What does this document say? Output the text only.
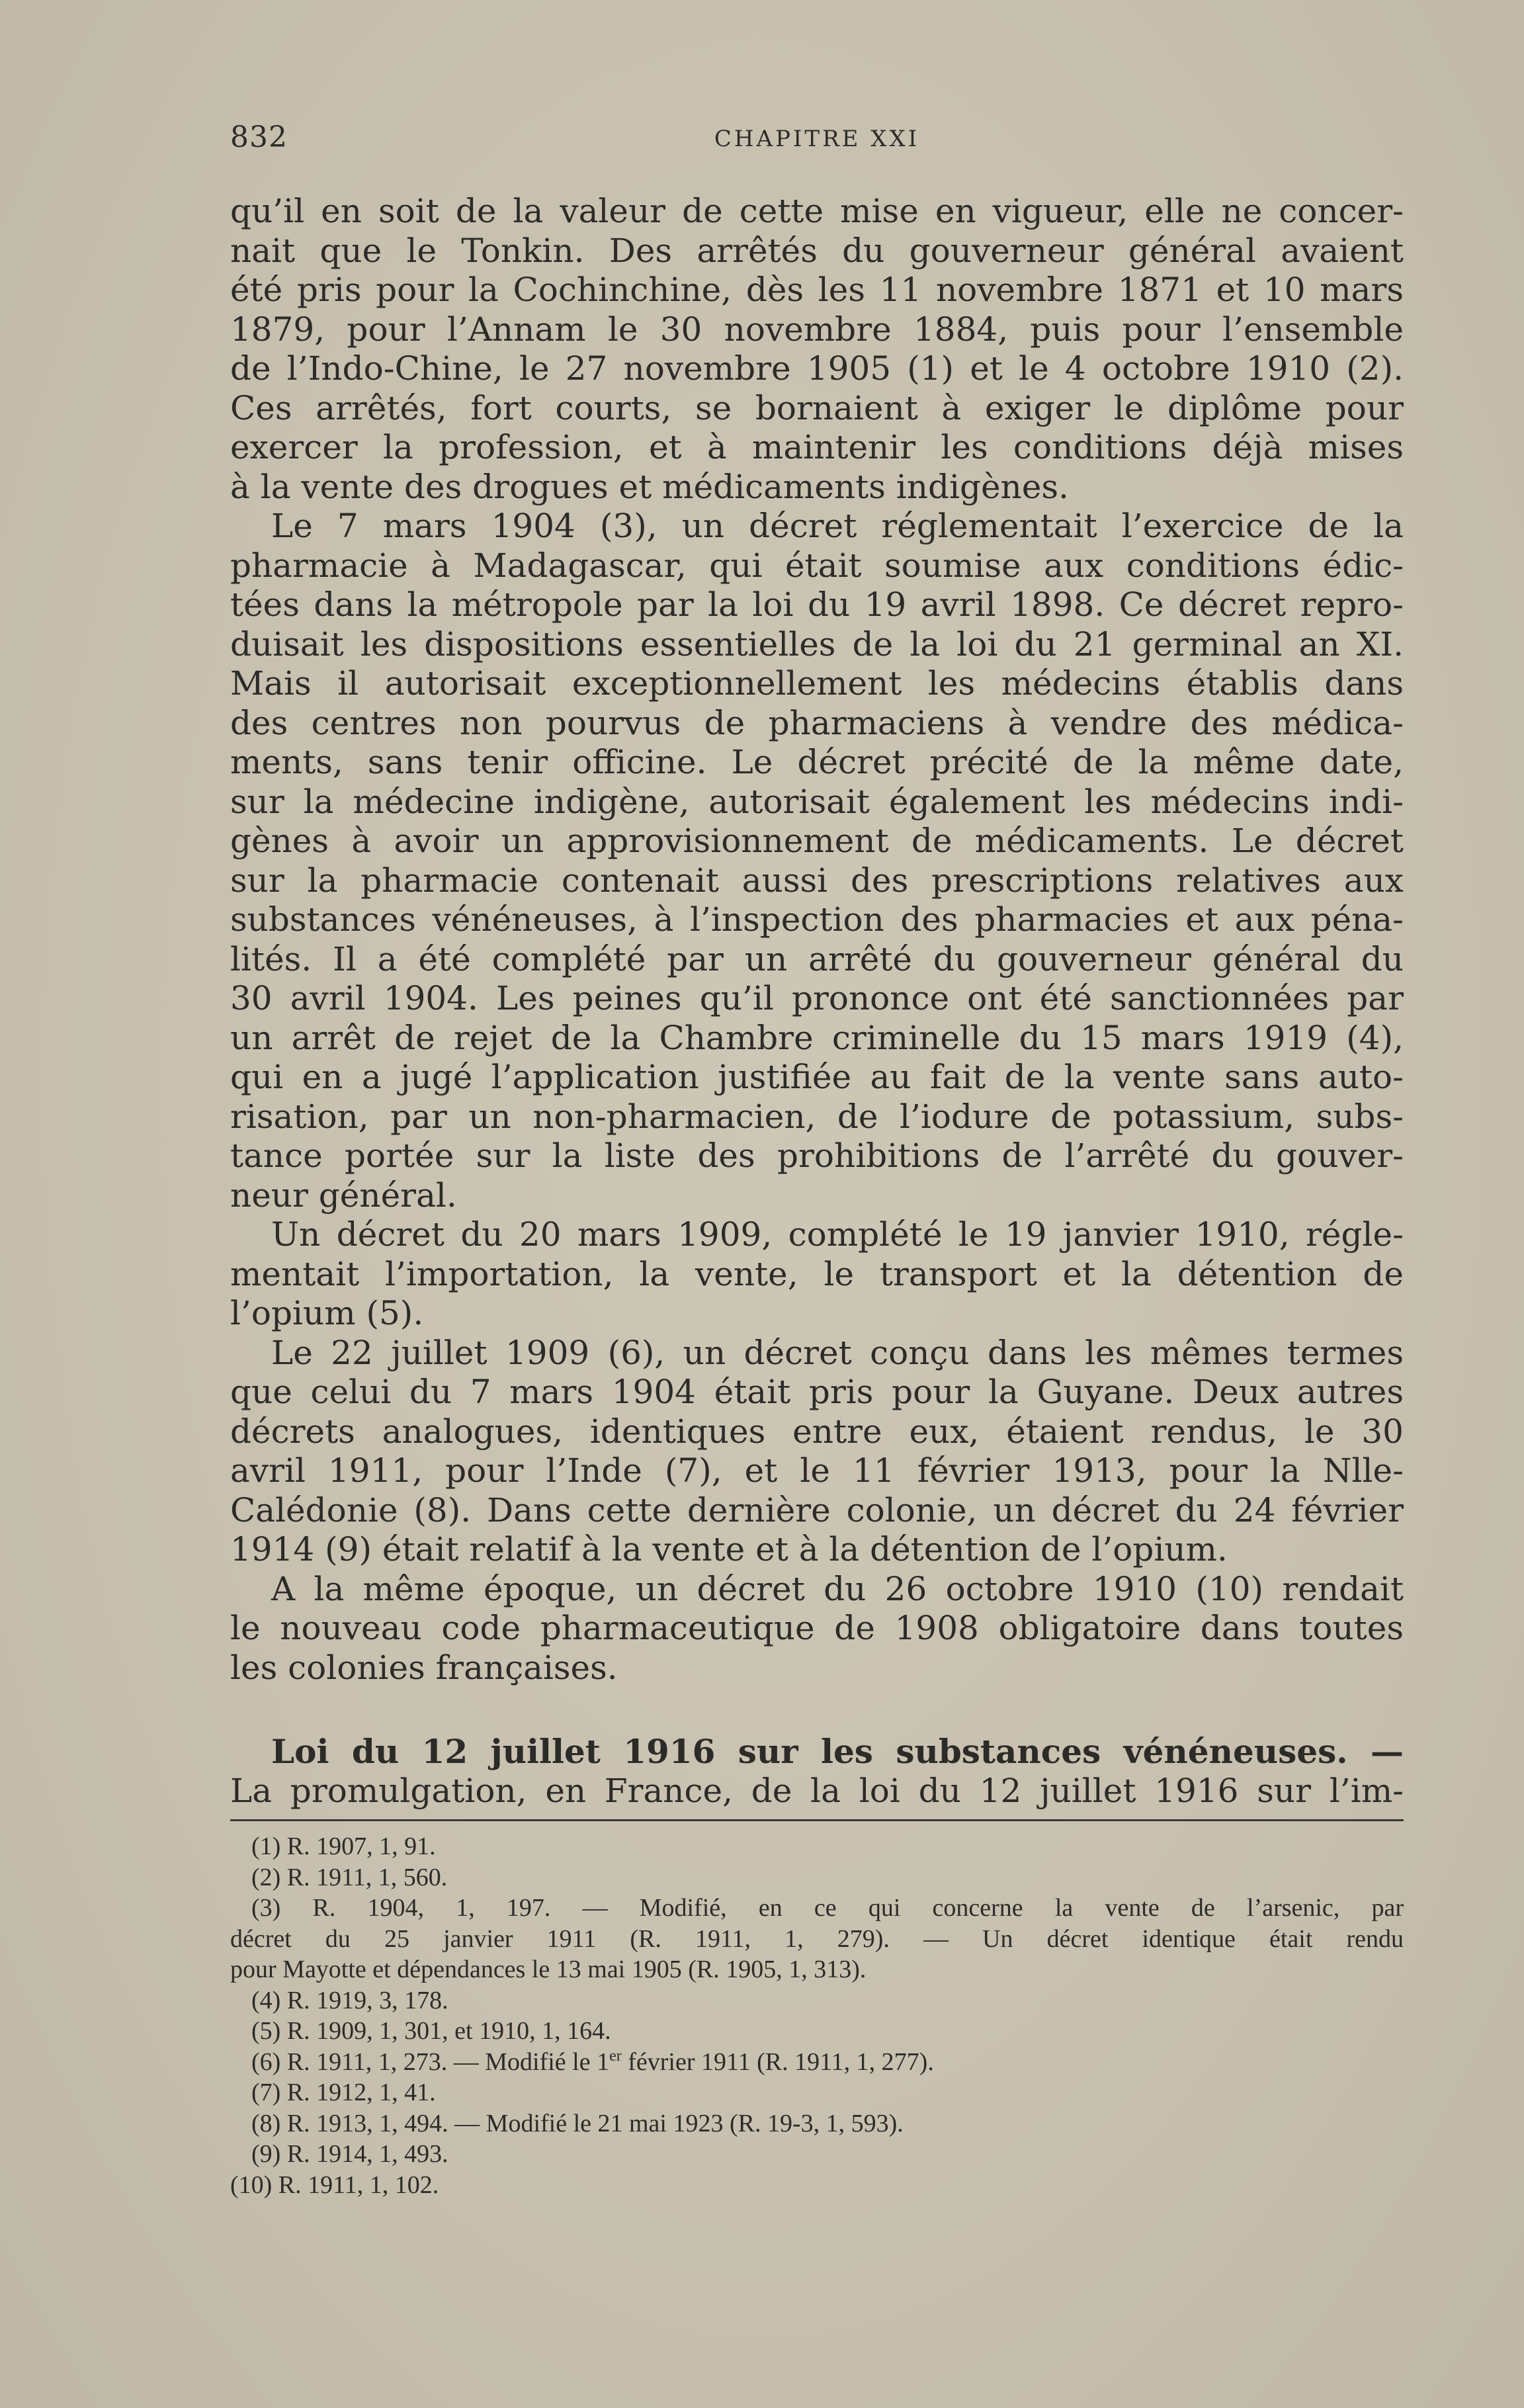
832	CHAPITRE XXI
qu’il en soit de la valeur de cette mise en vigueur, elle ne concer-
nait que le Tonkin. Des arrêtés du gouverneur général avaient
été pris pour la Cochinchine, dès les 11 novembre 1871 et 10 mars
1879, pour l’Annam le 30 novembre 1884, puis pour l’ensemble
de l’Indo-Chine, le 27 novembre 1905 (1) et le 4 octobre 1910 (2).
Ces arrêtés, fort courts, se bornaient à exiger le diplôme pour
exercer la profession, et à maintenir les conditions déjà mises
à la vente des drogues et médicaments indigènes.
Le 7 mars 1904 (3), un décret réglementait l’exercice de la
pharmacie à Madagascar, qui était soumise aux conditions édic-
tées dans la métropole par la loi du 19 avril 1898. Ce décret repro-
duisait les dispositions essentielles de la loi du 21 germinal an XI.
Mais il autorisait exceptionnellement les médecins établis dans
des centres non pourvus de pharmaciens à vendre des médica-
ments, sans tenir officine. Le décret précité de la même date,
sur la médecine indigène, autorisait également les médecins indi-
gènes à avoir un approvisionnement de médicaments. Le décret
sur la pharmacie contenait aussi des prescriptions relatives aux
substances vénéneuses, à l’inspection des pharmacies et aux péna-
lités. Il a été complété par un arrêté du gouverneur général du
30 avril 1904. Les peines qu’il prononce ont été sanctionnées par
un arrêt de rejet de la Chambre criminelle du 15 mars 1919 (4),
qui en a jugé l’application justifiée au fait de la vente sans auto-
risation, par un non-pharmacien, de l’iodure de potassium, subs-
tance portée sur la liste des prohibitions de l’arrêté du gouver-
neur général.
Un décret du 20 mars 1909, complété le 19 janvier 1910, régle-
mentait l’importation, la vente, le transport et la détention de
l’opium (5).
Le 22 juillet 1909 (6), un décret conçu dans les mêmes termes
que celui du 7 mars 1904 était pris pour la Guyane. Deux autres
décrets analogues, identiques entre eux, étaient rendus, le 30
avril 1911, pour l’Inde (7), et le 11 février 1913, pour la Nlle-
Calédonie (8). Dans cette dernière colonie, un décret du 24 février
1914 (9) était relatif à la vente et à la détention de l’opium.
A la même époque, un décret du 26 octobre 1910 (10) rendait
le nouveau code pharmaceutique de 1908 obligatoire dans toutes
les colonies françaises.
Loi du 12 juillet 1916 sur les substances vénéneuses. —
La promulgation, en France, de la loi du 12 juillet 1916 sur l’im-
(1) R. 1907, 1, 91.
(2) R. 1911, 1, 560.
(3) R. 1904, 1, 197. — Modifié, en ce qui concerne la vente de l’arsenic, par
décret du 25 janvier 1911 (R. 1911, 1, 279). — Un décret identique était rendu
pour Mayotte et dépendances le 13 mai 1905 (R. 1905, 1, 313).
(4) R. 1919, 3, 178.
(5) R. 1909, 1, 301, et 1910, 1, 164.
(6) R. 1911, 1, 273. — Modifié le 1er février 1911 (R. 1911, 1, 277).
(7) R. 1912, 1, 41.
(8) R. 1913, 1, 494. — Modifié le 21 mai 1923 (R. 19-3, 1, 593).
(9) R. 1914, 1, 493.
(10) R. 1911, 1, 102.
